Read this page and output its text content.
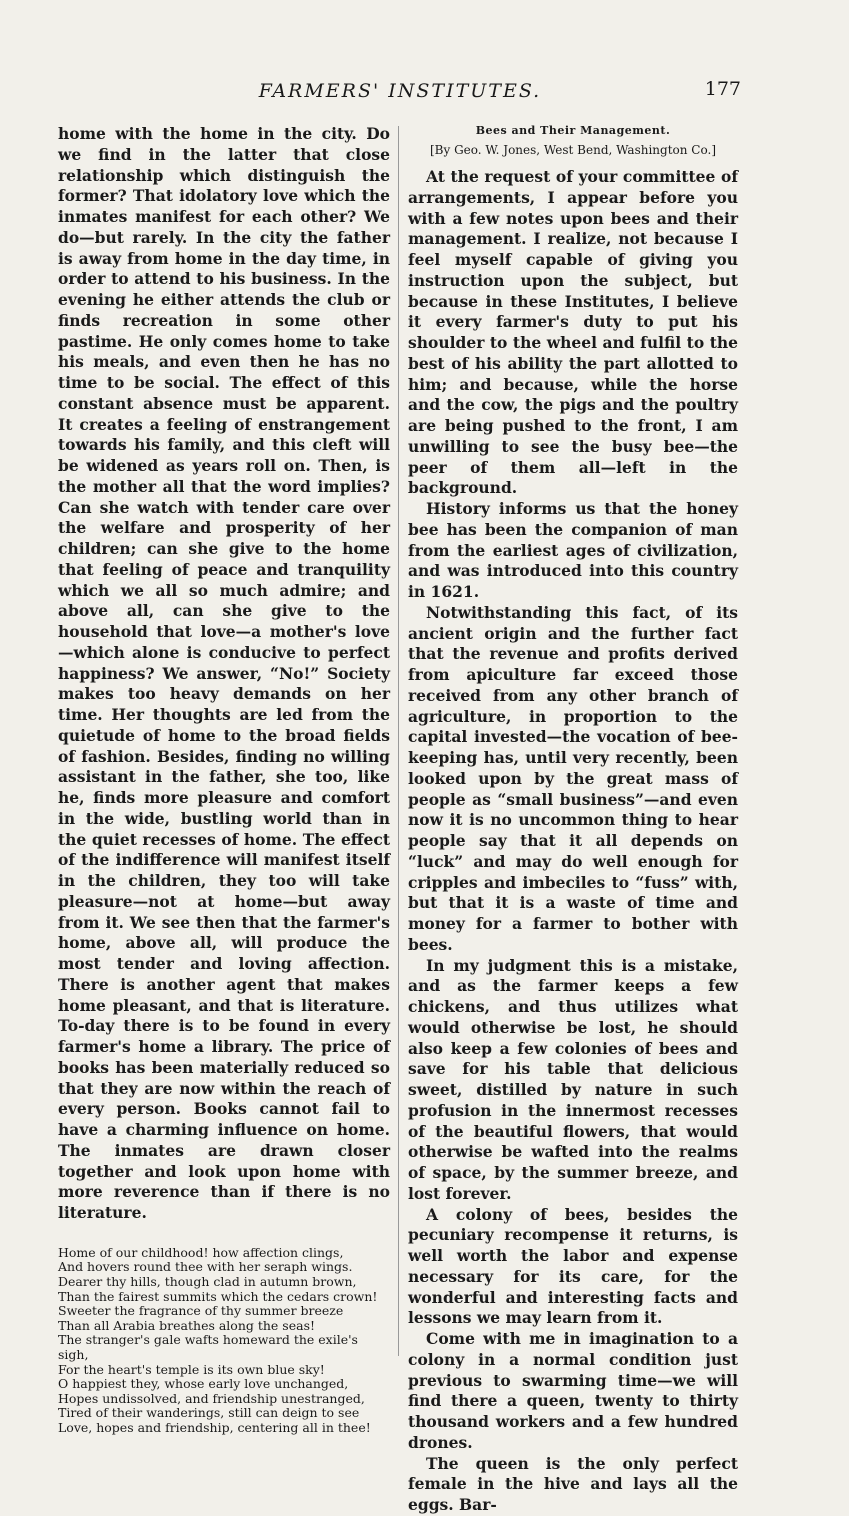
FARMERS' INSTITUTES.	177

home with the home in the city. Do we find in the latter that close relationship which distinguish the former? That idolatory love which the inmates manifest for each other? We do—but rarely. In the city the father is away from home in the day time, in order to attend to his business. In the evening he either attends the club or finds recreation in some other pastime. He only comes home to take his meals, and even then he has no time to be social. The effect of this constant absence must be apparent. It creates a feeling of enstrangement towards his family, and this cleft will be widened as years roll on. Then, is the mother all that the word implies? Can she watch with tender care over the welfare and prosperity of her children; can she give to the home that feeling of peace and tranquility which we all so much admire; and above all, can she give to the household that love—a mother's love—which alone is conducive to perfect happiness? We answer, “No!” Society makes too heavy demands on her time. Her thoughts are led from the quietude of home to the broad fields of fashion. Besides, finding no willing assistant in the father, she too, like he, finds more pleasure and comfort in the wide, bustling world than in the quiet recesses of home. The effect of the indifference will manifest itself in the children, they too will take pleasure—not at home—but away from it. We see then that the farmer's home, above all, will produce the most tender and loving affection. There is another agent that makes home pleasant, and that is literature. To-day there is to be found in every farmer's home a library. The price of books has been materially reduced so that they are now within the reach of every person. Books cannot fail to have a charming influence on home. The inmates are drawn closer together and look upon home with more reverence than if there is no literature.

Home of our childhood! how affection clings,
And hovers round thee with her seraph wings.
Dearer thy hills, though clad in autumn brown,
Than the fairest summits which the cedars crown!
Sweeter the fragrance of thy summer breeze
Than all Arabia breathes along the seas!
The stranger's gale wafts homeward the exile's
sigh,
For the heart's temple is its own blue sky!
O happiest they, whose early love unchanged,
Hopes undissolved, and friendship unestranged,
Tired of their wanderings, still can deign to see
Love, hopes and friendship, centering all in thee!
Bees and Their Management.
[By Geo. W. Jones, West Bend, Washington Co.]

At the request of your committee of arrangements, I appear before you with a few notes upon bees and their management. I realize, not because I feel myself capable of giving you instruction upon the subject, but because in these Institutes, I believe it every farmer's duty to put his shoulder to the wheel and fulfil to the best of his ability the part allotted to him; and because, while the horse and the cow, the pigs and the poultry are being pushed to the front, I am unwilling to see the busy bee—the peer of them all—left in the background.

History informs us that the honey bee has been the companion of man from the earliest ages of civilization, and was introduced into this country in 1621.

Notwithstanding this fact, of its ancient origin and the further fact that the revenue and profits derived from apiculture far exceed those received from any other branch of agriculture, in proportion to the capital invested—the vocation of bee-keeping has, until very recently, been looked upon by the great mass of people as “small business”—and even now it is no uncommon thing to hear people say that it all depends on “luck” and may do well enough for cripples and imbeciles to “fuss” with, but that it is a waste of time and money for a farmer to bother with bees.

In my judgment this is a mistake, and as the farmer keeps a few chickens, and thus utilizes what would otherwise be lost, he should also keep a few colonies of bees and save for his table that delicious sweet, distilled by nature in such profusion in the innermost recesses of the beautiful flowers, that would otherwise be wafted into the realms of space, by the summer breeze, and lost forever.

A colony of bees, besides the pecuniary recompense it returns, is well worth the labor and expense necessary for its care, for the wonderful and interesting facts and lessons we may learn from it.

Come with me in imagination to a colony in a normal condition just previous to swarming time—we will find there a queen, twenty to thirty thousand workers and a few hundred drones.

The queen is the only perfect female in the hive and lays all the eggs. Bar-
